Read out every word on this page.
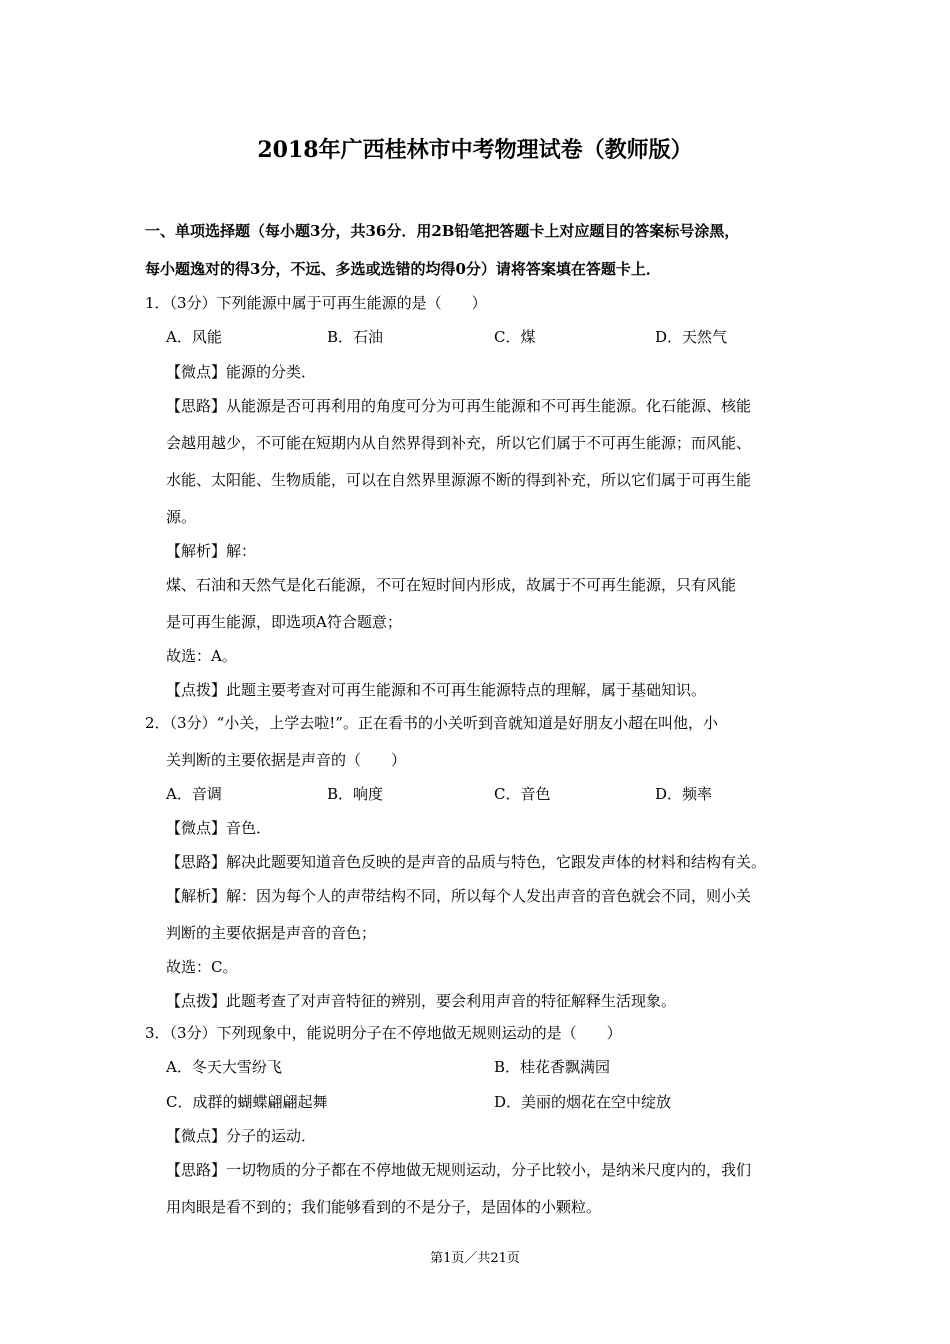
2018年广西桂林市中考物理试卷（教师版）
一、单项选择题（每小题3分，共36分．用2B铅笔把答题卡上对应题目的答案标号涂黑，
每小题逸对的得3分，不远、多选或选错的均得0分）请将答案填在答题卡上．
1．（3分）下列能源中属于可再生能源的是（　　）
A．风能	B．石油	C．煤	D．天然气
【微点】能源的分类．
【思路】从能源是否可再利用的角度可分为可再生能源和不可再生能源。化石能源、核能
会越用越少，不可能在短期内从自然界得到补充，所以它们属于不可再生能源；而风能、
水能、太阳能、生物质能，可以在自然界里源源不断的得到补充，所以它们属于可再生能
源。
【解析】解：
煤、石油和天然气是化石能源，不可在短时间内形成，故属于不可再生能源，只有风能
是可再生能源，即选项A符合题意；
故选：A。
【点拨】此题主要考查对可再生能源和不可再生能源特点的理解，属于基础知识。
2．（3分）“小关，上学去啦!”。正在看书的小关听到音就知道是好朋友小超在叫他，小
关判断的主要依据是声音的（　　）
A．音调	B．响度	C．音色	D．频率
【微点】音色．
【思路】解决此题要知道音色反映的是声音的品质与特色，它跟发声体的材料和结构有关。
【解析】解：因为每个人的声带结构不同，所以每个人发出声音的音色就会不同，则小关
判断的主要依据是声音的音色；
故选：C。
【点拨】此题考查了对声音特征的辨别，要会利用声音的特征解释生活现象。
3．（3分）下列现象中，能说明分子在不停地做无规则运动的是（　　）
A．冬天大雪纷飞	B．桂花香飘满园
C．成群的蝴蝶翩翩起舞	D．美丽的烟花在空中绽放
【微点】分子的运动．
【思路】一切物质的分子都在不停地做无规则运动，分子比较小，是纳米尺度内的，我们
用肉眼是看不到的；我们能够看到的不是分子，是固体的小颗粒。
第1页／共21页
